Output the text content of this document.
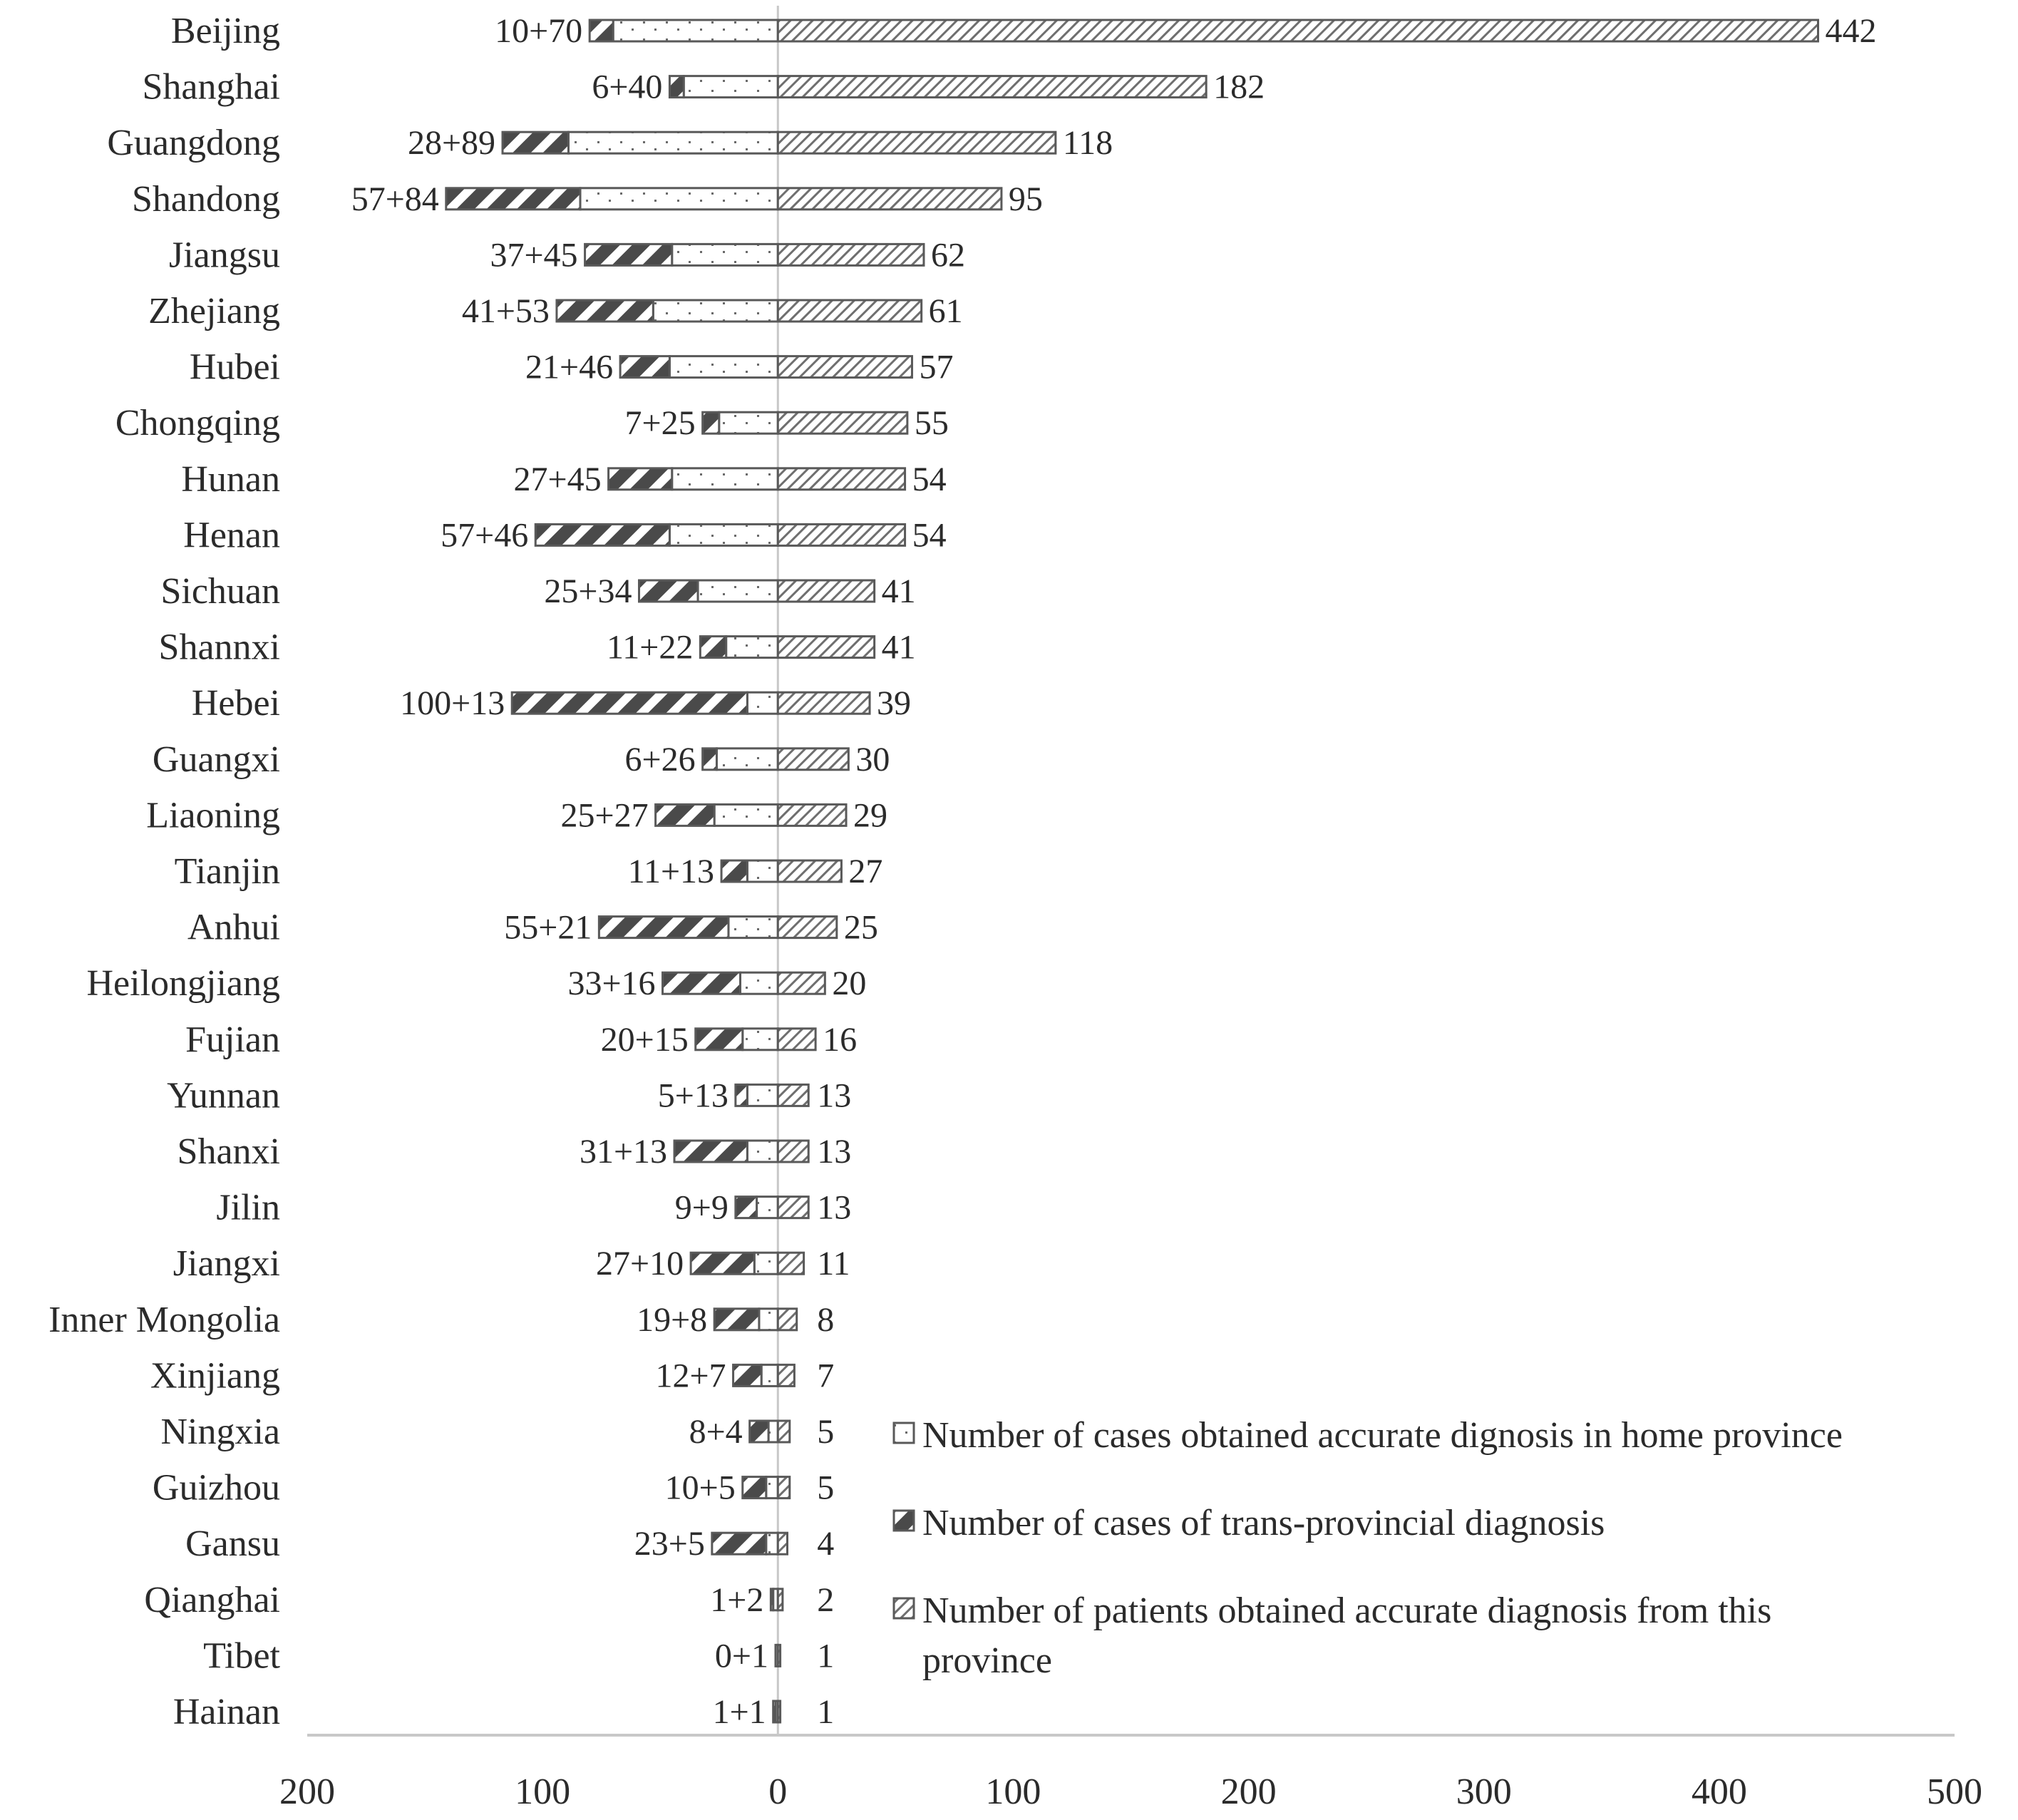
200	100	0	100	200	300	400	500
Beijing	10+70	442
Shanghai	6+40	182
Guangdong	28+89	118
Shandong 57+84	95
Jiangsu	37+45	62
Zhejiang	41+53	61
Hubei	21+46	57
Chongqing	7+25	55
Hunan	27+45	54
Henan	57+46	54
Sichuan	25+34	41
Shannxi	11+22	41
Hebei	100+13	39
Guangxi	6+26	30
Liaoning	25+27	29
Tianjin	11+13	27
Anhui	55+21	25
Heilongjiang	33+16	20
Fujian	20+15	16
Yunnan	5+13	13
Shanxi	31+13	13
Jilin	9+9	13
Jiangxi	27+10	11
Inner Mongolia	19+8	8
Xinjiang	12+7	7
Ningxia	8+4 5
Guizhou	10+5 5
Gansu	23+5	4
Qianghai	1+2 2
Tibet	0+1 1
Hainan	1+1 1
Number of cases obtained accurate dignosis in home province
Number of cases of trans-provincial diagnosis
Number of patients obtained accurate diagnosis from this province
